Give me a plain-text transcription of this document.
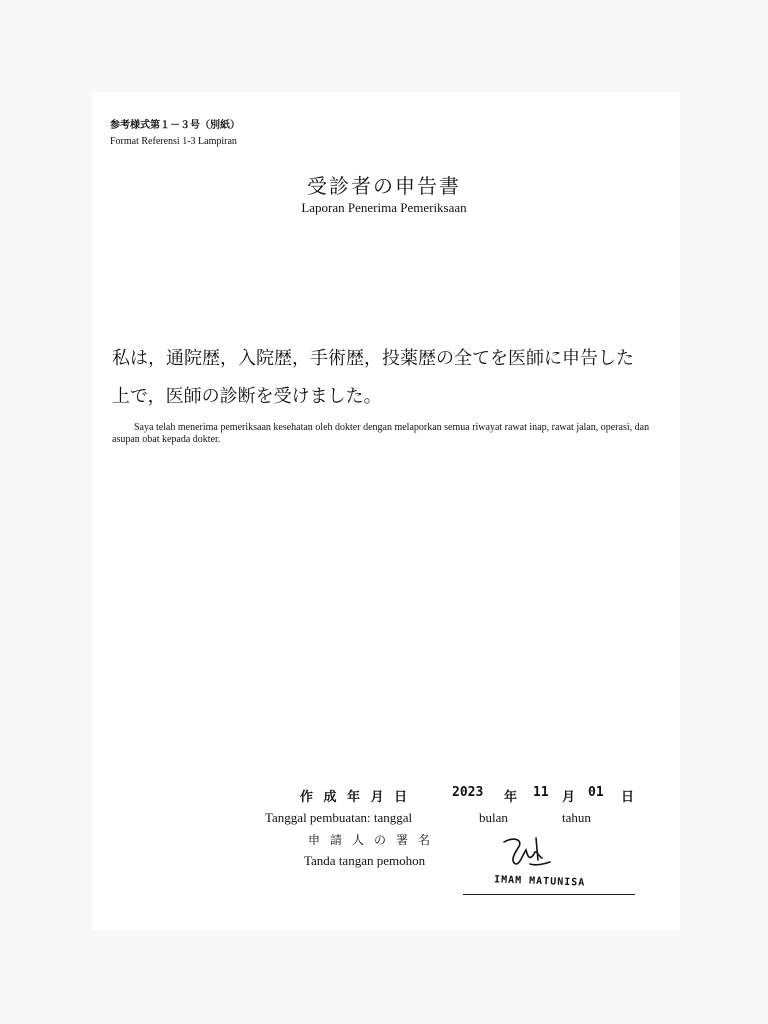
参考様式第１－３号（別紙）
Format Referensi 1-3 Lampiran
受診者の申告書
Laporan Penerima Pemeriksaan
私は，通院歴，入院歴，手術歴，投薬歴の全てを医師に申告した上で，医師の診断を受けました。
Saya telah menerima pemeriksaan kesehatan oleh dokter dengan melaporkan semua riwayat rawat inap, rawat jalan, operasi, dan asupan obat kepada dokter.
作 成 年 月 日	2023 年 11 月 01 日
Tanggal pembuatan: tanggal	bulan	tahun
申請人の署名
Tanda tangan pemohon
IMAM MATUNISA
